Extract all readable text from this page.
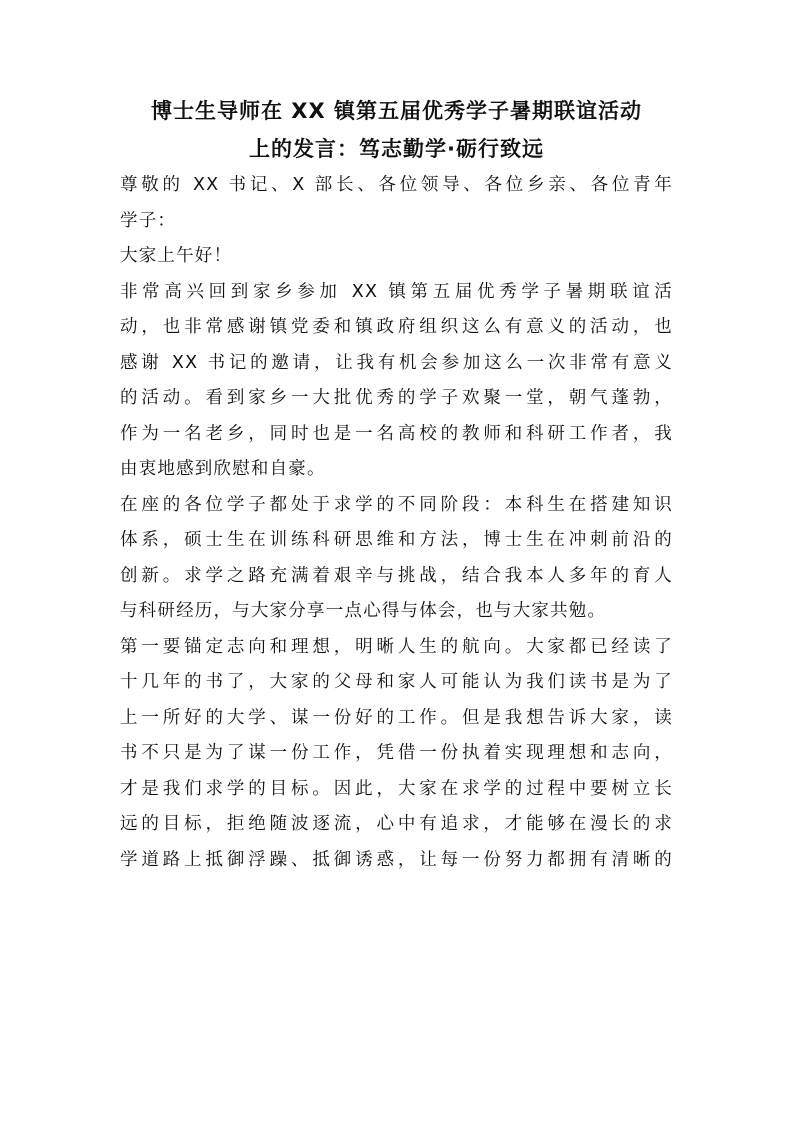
博士生导师在 XX 镇第五届优秀学子暑期联谊活动
上的发言：笃志勤学·砺行致远

尊敬的 XX 书记、X 部长、各位领导、各位乡亲、各位青年
学子：

大家上午好！

非常高兴回到家乡参加 XX 镇第五届优秀学子暑期联谊活
动，也非常感谢镇党委和镇政府组织这么有意义的活动，也
感谢 XX 书记的邀请，让我有机会参加这么一次非常有意义
的活动。看到家乡一大批优秀的学子欢聚一堂，朝气蓬勃，
作为一名老乡，同时也是一名高校的教师和科研工作者，我
由衷地感到欣慰和自豪。

在座的各位学子都处于求学的不同阶段：本科生在搭建知识
体系，硕士生在训练科研思维和方法，博士生在冲刺前沿的
创新。求学之路充满着艰辛与挑战，结合我本人多年的育人
与科研经历，与大家分享一点心得与体会，也与大家共勉。

第一要锚定志向和理想，明晰人生的航向。大家都已经读了
十几年的书了，大家的父母和家人可能认为我们读书是为了
上一所好的大学、谋一份好的工作。但是我想告诉大家，读
书不只是为了谋一份工作，凭借一份执着实现理想和志向，
才是我们求学的目标。因此，大家在求学的过程中要树立长
远的目标，拒绝随波逐流，心中有追求，才能够在漫长的求
学道路上抵御浮躁、抵御诱惑，让每一份努力都拥有清晰的
